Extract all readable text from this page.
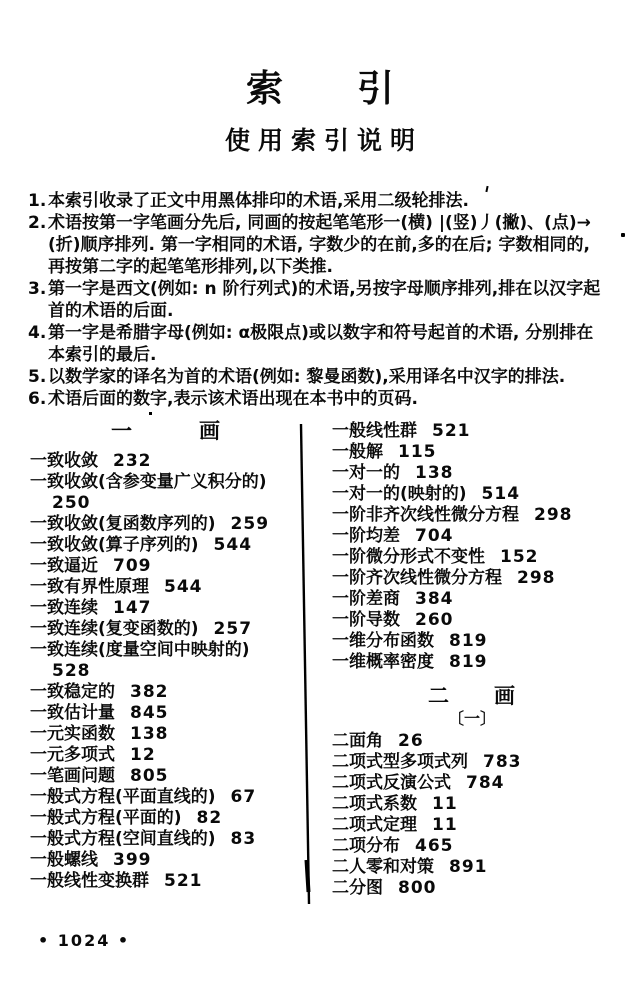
索　　引
使用索引说明
1. 本索引收录了正文中用黑体排印的术语,采用二级轮排法.
2. 术语按第一字笔画分先后, 同画的按起笔笔形一(横) |(竖)丿(撇)、(点)→
(折)顺序排列. 第一字相同的术语, 字数少的在前,多的在后; 字数相同的,
再按第二字的起笔笔形排列,以下类推.
3. 第一字是西文(例如: n 阶行列式)的术语,另按字母顺序排列,排在以汉字起
首的术语的后面.
4. 第一字是希腊字母(例如: α极限点)或以数字和符号起首的术语, 分别排在
本索引的最后.
5. 以数学家的译名为首的术语(例如: 黎曼函数),采用译名中汉字的排法.
6. 术语后面的数字,表示该术语出现在本书中的页码.
一　　　画
一致收敛 232
一致收敛(含参变量广义积分的)
250
一致收敛(复函数序列的) 259
一致收敛(算子序列的) 544
一致逼近 709
一致有界性原理 544
一致连续 147
一致连续(复变函数的) 257
一致连续(度量空间中映射的)
528
一致稳定的 382
一致估计量 845
一元实函数 138
一元多项式 12
一笔画问题 805
一般式方程(平面直线的) 67
一般式方程(平面的) 82
一般式方程(空间直线的) 83
一般螺线 399
一般线性变换群 521
一般线性群 521
一般解 115
一对一的 138
一对一的(映射的) 514
一阶非齐次线性微分方程 298
一阶均差 704
一阶微分形式不变性 152
一阶齐次线性微分方程 298
一阶差商 384
一阶导数 260
一维分布函数 819
一维概率密度 819
二　　画
〔一〕
二面角 26
二项式型多项式列 783
二项式反演公式 784
二项式系数 11
二项式定理 11
二项分布 465
二人零和对策 891
二分图 800
• 1024 •
